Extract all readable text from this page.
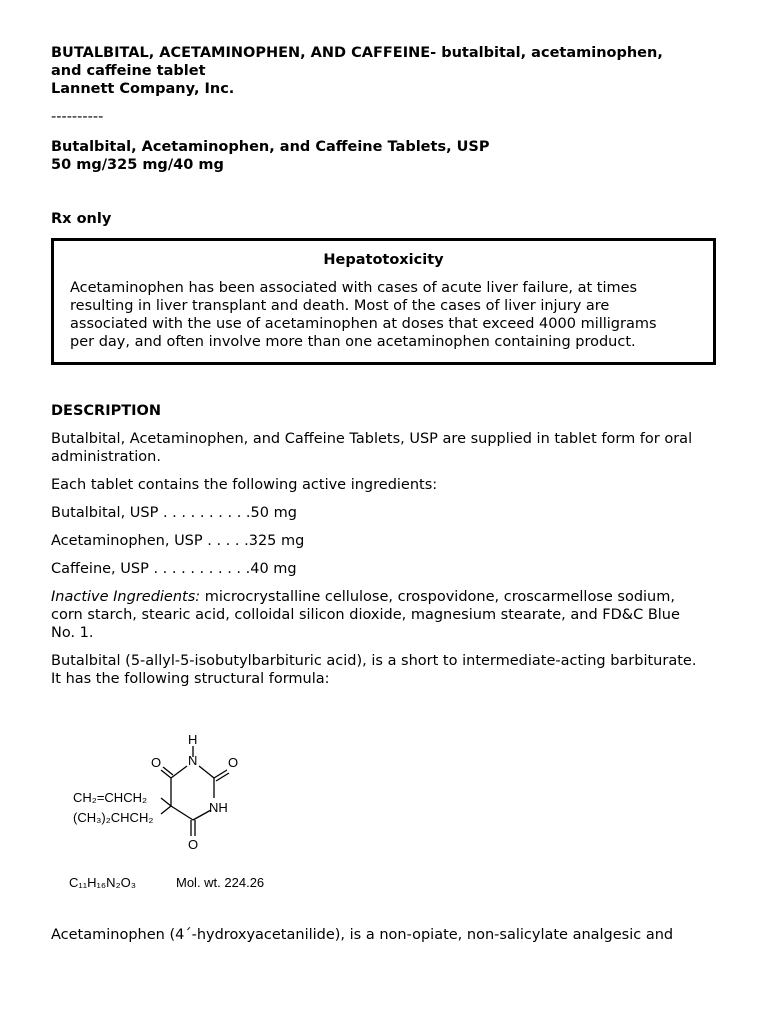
BUTALBITAL, ACETAMINOPHEN, AND CAFFEINE- butalbital, acetaminophen,
and caffeine tablet
Lannett Company, Inc.
----------
Butalbital, Acetaminophen, and Caffeine Tablets, USP
50 mg/325 mg/40 mg
Rx only
Hepatotoxicity
Acetaminophen has been associated with cases of acute liver failure, at times
resulting in liver transplant and death. Most of the cases of liver injury are
associated with the use of acetaminophen at doses that exceed 4000 milligrams
per day, and often involve more than one acetaminophen containing product.
DESCRIPTION
Butalbital, Acetaminophen, and Caffeine Tablets, USP are supplied in tablet form for oral
administration.
Each tablet contains the following active ingredients:
Butalbital, USP . . . . . . . . . .50 mg
Acetaminophen, USP . . . . .325 mg
Caffeine, USP . . . . . . . . . . .40 mg
Inactive Ingredients: microcrystalline cellulose, crospovidone, croscarmellose sodium,
corn starch, stearic acid, colloidal silicon dioxide, magnesium stearate, and FD&C Blue
No. 1.
Butalbital (5-allyl-5-isobutylbarbituric acid), is a short to intermediate-acting barbiturate.
It has the following structural formula:
H
N
O	O
NH
O
CH₂=CHCH₂
(CH₃)₂CHCH₂
C₁₁H₁₆N₂O₃	Mol. wt. 224.26
Acetaminophen (4´-hydroxyacetanilide), is a non-opiate, non-salicylate analgesic and
